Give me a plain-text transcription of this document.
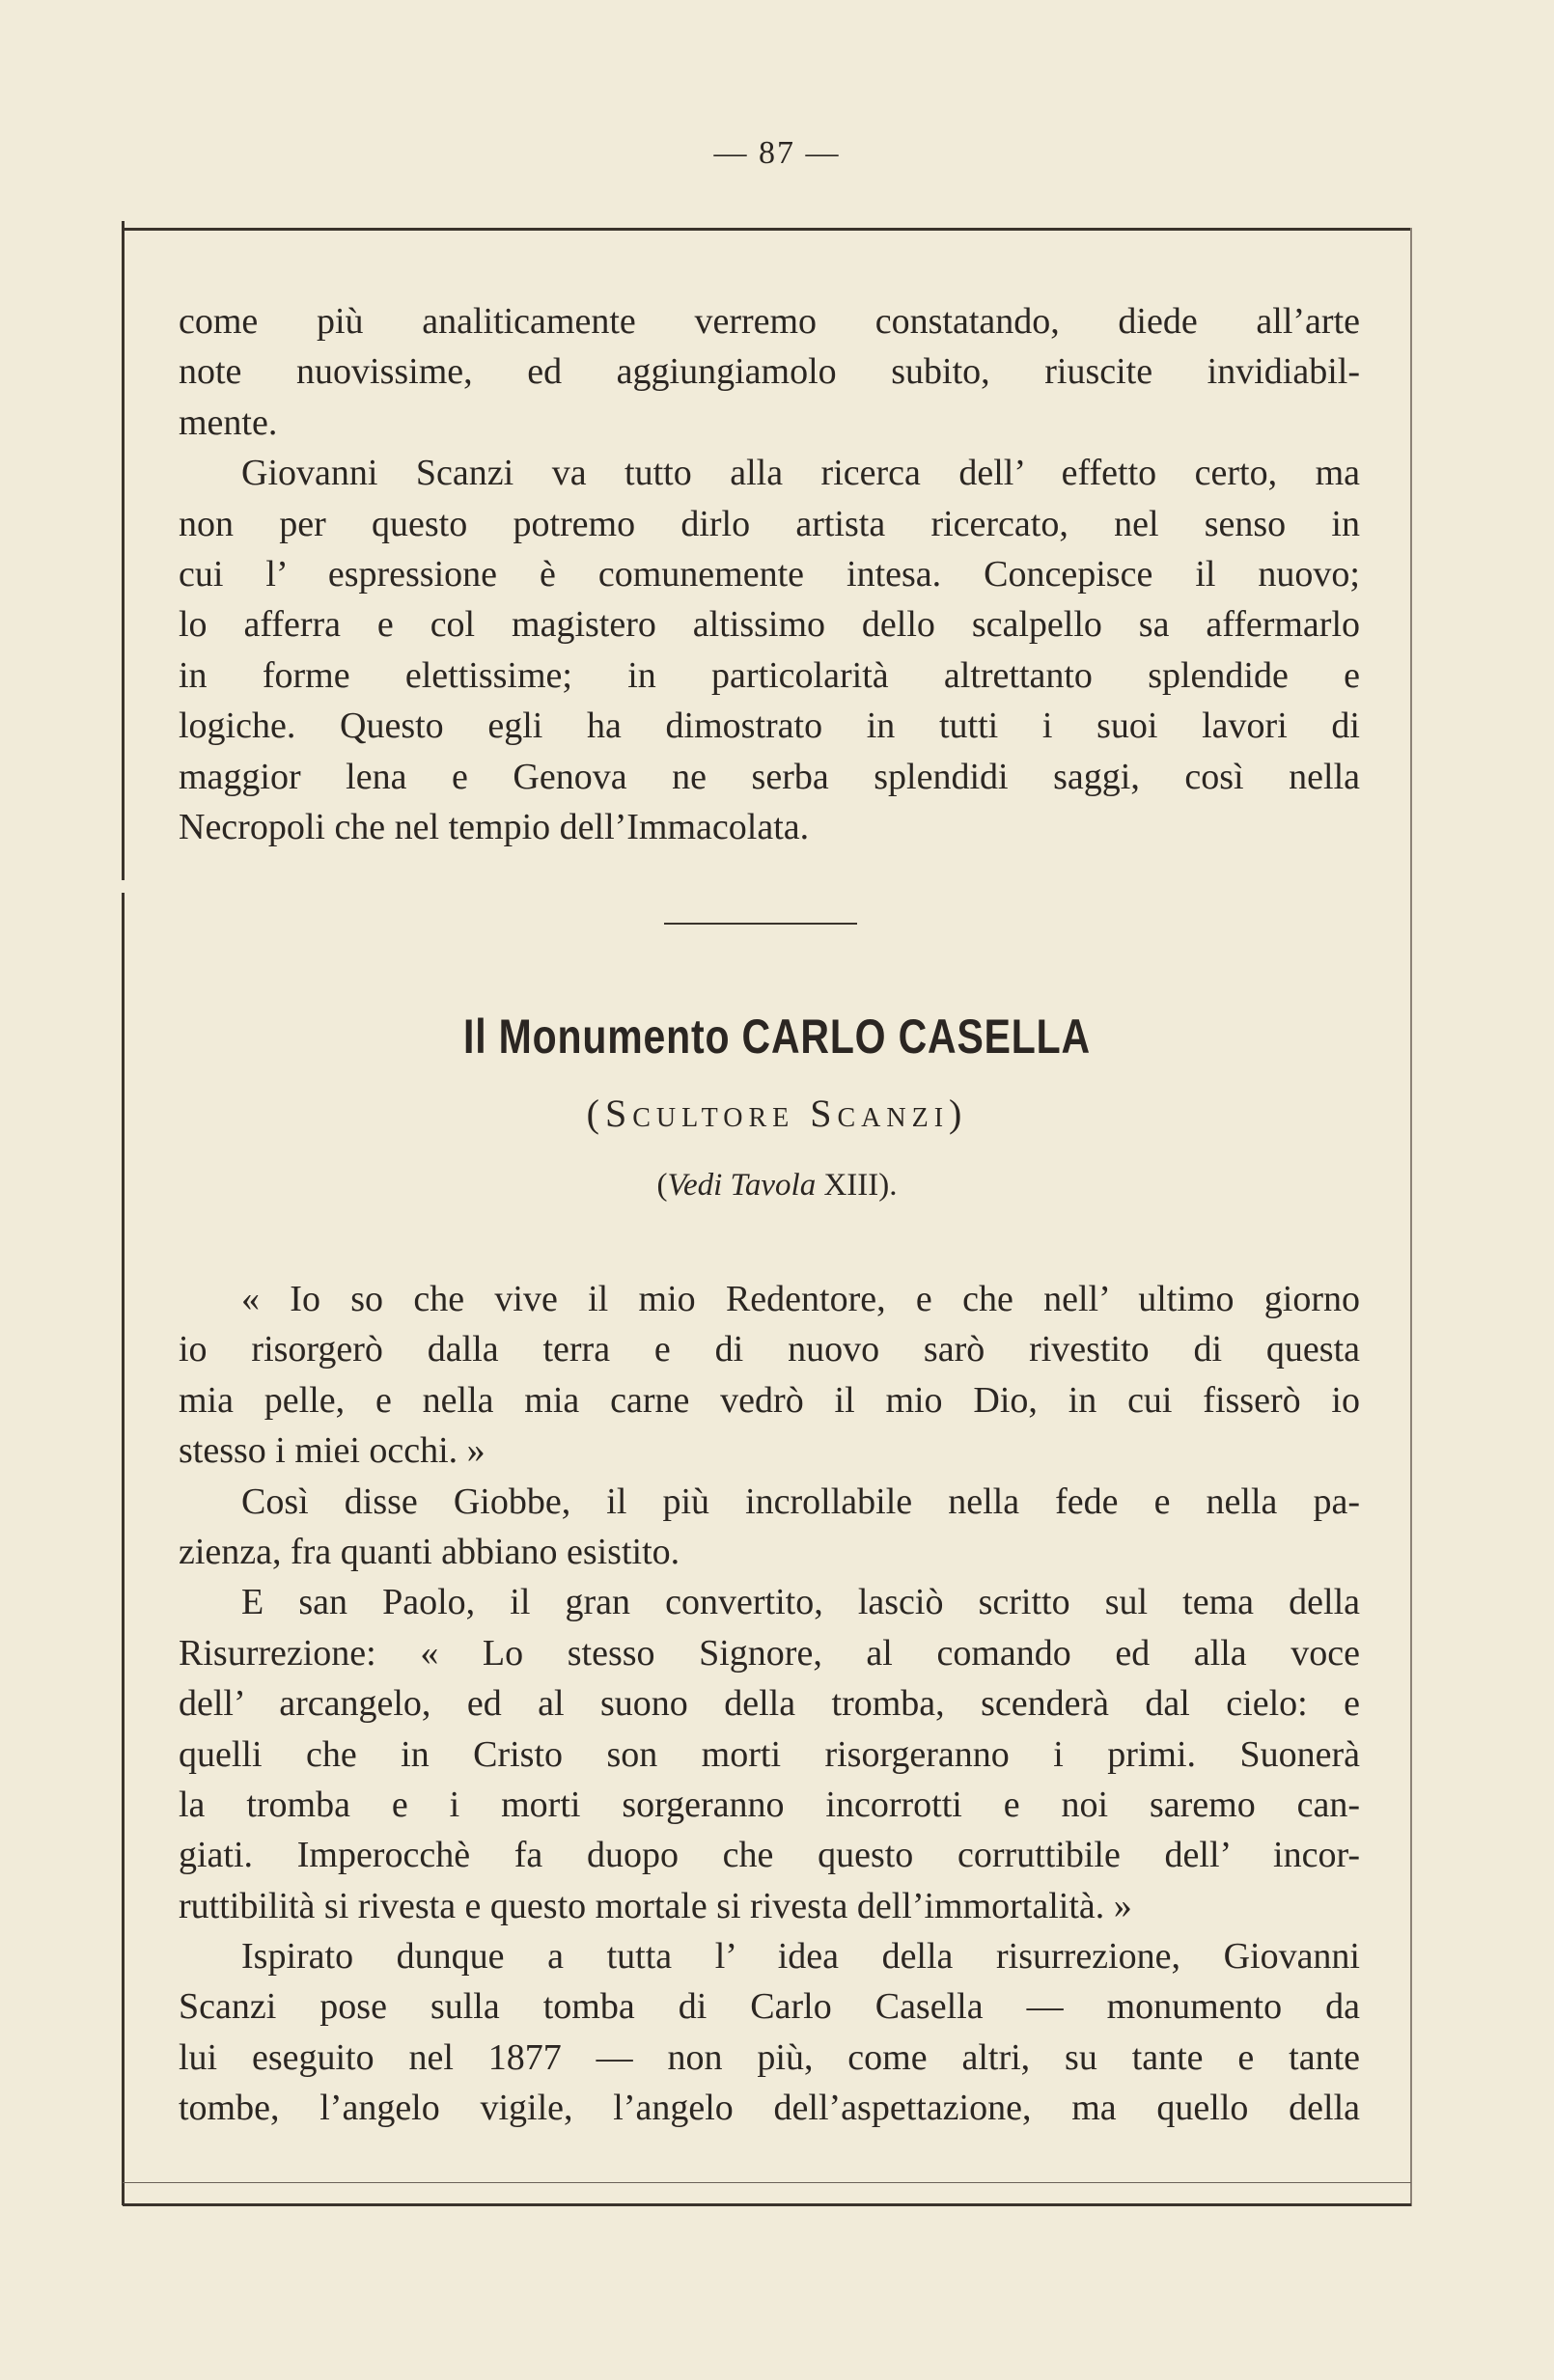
— 87 —
come più analiticamente verremo constatando, diede all’arte
note nuovissime, ed aggiungiamolo subito, riuscite invidiabil-
mente.
Giovanni Scanzi va tutto alla ricerca dell’ effetto certo, ma
non per questo potremo dirlo artista ricercato, nel senso in
cui l’ espressione è comunemente intesa. Concepisce il nuovo;
lo afferra e col magistero altissimo dello scalpello sa affermarlo
in forme elettissime; in particolarità altrettanto splendide e
logiche. Questo egli ha dimostrato in tutti i suoi lavori di
maggior lena e Genova ne serba splendidi saggi, così nella
Necropoli che nel tempio dell’Immacolata.
Il Monumento CARLO CASELLA
(Scultore Scanzi)
(Vedi Tavola XIII).
« Io so che vive il mio Redentore, e che nell’ ultimo giorno
io risorgerò dalla terra e di nuovo sarò rivestito di questa
mia pelle, e nella mia carne vedrò il mio Dio, in cui fisserò io
stesso i miei occhi. »
Così disse Giobbe, il più incrollabile nella fede e nella pa-
zienza, fra quanti abbiano esistito.
E san Paolo, il gran convertito, lasciò scritto sul tema della
Risurrezione: « Lo stesso Signore, al comando ed alla voce
dell’ arcangelo, ed al suono della tromba, scenderà dal cielo: e
quelli che in Cristo son morti risorgeranno i primi. Suonerà
la tromba e i morti sorgeranno incorrotti e noi saremo can-
giati. Imperocchè fa duopo che questo corruttibile dell’ incor-
ruttibilità si rivesta e questo mortale si rivesta dell’immortalità. »
Ispirato dunque a tutta l’ idea della risurrezione, Giovanni
Scanzi pose sulla tomba di Carlo Casella — monumento da
lui eseguito nel 1877 — non più, come altri, su tante e tante
tombe, l’angelo vigile, l’angelo dell’aspettazione, ma quello della
